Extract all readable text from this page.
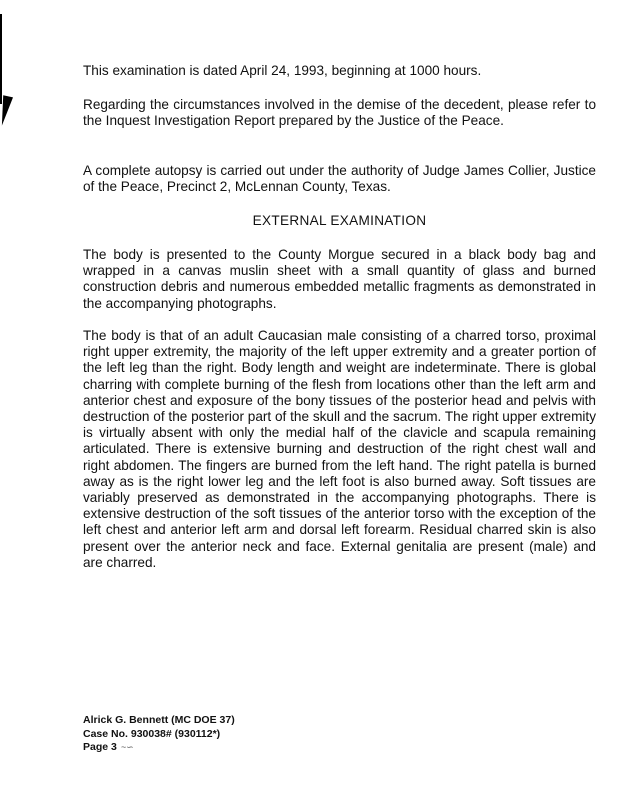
This examination is dated April 24, 1993, beginning at 1000 hours.
Regarding the circumstances involved in the demise of the decedent, please refer to the Inquest Investigation Report prepared by the Justice of the Peace.
A complete autopsy is carried out under the authority of Judge James Collier, Justice of the Peace, Precinct 2, McLennan County, Texas.
EXTERNAL EXAMINATION
The body is presented to the County Morgue secured in a black body bag and wrapped in a canvas muslin sheet with a small quantity of glass and burned construction debris and numerous embedded metallic fragments as demonstrated in the accompanying photographs.
The body is that of an adult Caucasian male consisting of a charred torso, proximal right upper extremity, the majority of the left upper extremity and a greater portion of the left leg than the right. Body length and weight are indeterminate. There is global charring with complete burning of the flesh from locations other than the left arm and anterior chest and exposure of the bony tissues of the posterior head and pelvis with destruction of the posterior part of the skull and the sacrum. The right upper extremity is virtually absent with only the medial half of the clavicle and scapula remaining articulated. There is extensive burning and destruction of the right chest wall and right abdomen. The fingers are burned from the left hand. The right patella is burned away as is the right lower leg and the left foot is also burned away. Soft tissues are variably preserved as demonstrated in the accompanying photographs. There is extensive destruction of the soft tissues of the anterior torso with the exception of the left chest and anterior left arm and dorsal left forearm. Residual charred skin is also present over the anterior neck and face. External genitalia are present (male) and are charred.
Alrick G. Bennett (MC DOE 37)
Case No. 930038# (930112*)
Page 3 ~∽
